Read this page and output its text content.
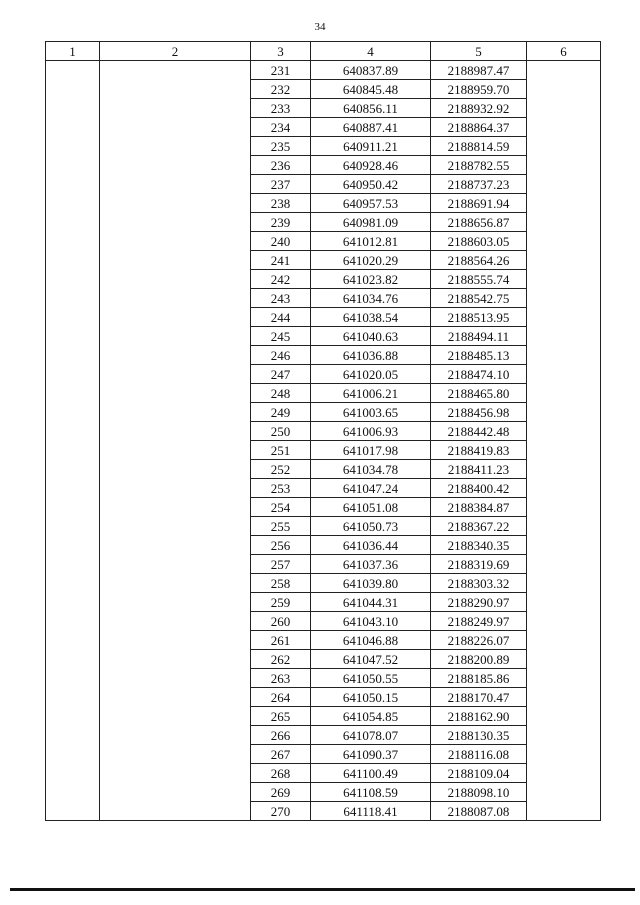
34
1	2	3	4	5	6
		231	640837.89	2188987.47	
		232	640845.48	2188959.70	
		233	640856.11	2188932.92	
		234	640887.41	2188864.37	
		235	640911.21	2188814.59	
		236	640928.46	2188782.55	
		237	640950.42	2188737.23	
		238	640957.53	2188691.94	
		239	640981.09	2188656.87	
		240	641012.81	2188603.05	
		241	641020.29	2188564.26	
		242	641023.82	2188555.74	
		243	641034.76	2188542.75	
		244	641038.54	2188513.95	
		245	641040.63	2188494.11	
		246	641036.88	2188485.13	
		247	641020.05	2188474.10	
		248	641006.21	2188465.80	
		249	641003.65	2188456.98	
		250	641006.93	2188442.48	
		251	641017.98	2188419.83	
		252	641034.78	2188411.23	
		253	641047.24	2188400.42	
		254	641051.08	2188384.87	
		255	641050.73	2188367.22	
		256	641036.44	2188340.35	
		257	641037.36	2188319.69	
		258	641039.80	2188303.32	
		259	641044.31	2188290.97	
		260	641043.10	2188249.97	
		261	641046.88	2188226.07	
		262	641047.52	2188200.89	
		263	641050.55	2188185.86	
		264	641050.15	2188170.47	
		265	641054.85	2188162.90	
		266	641078.07	2188130.35	
		267	641090.37	2188116.08	
		268	641100.49	2188109.04	
		269	641108.59	2188098.10	
		270	641118.41	2188087.08	
